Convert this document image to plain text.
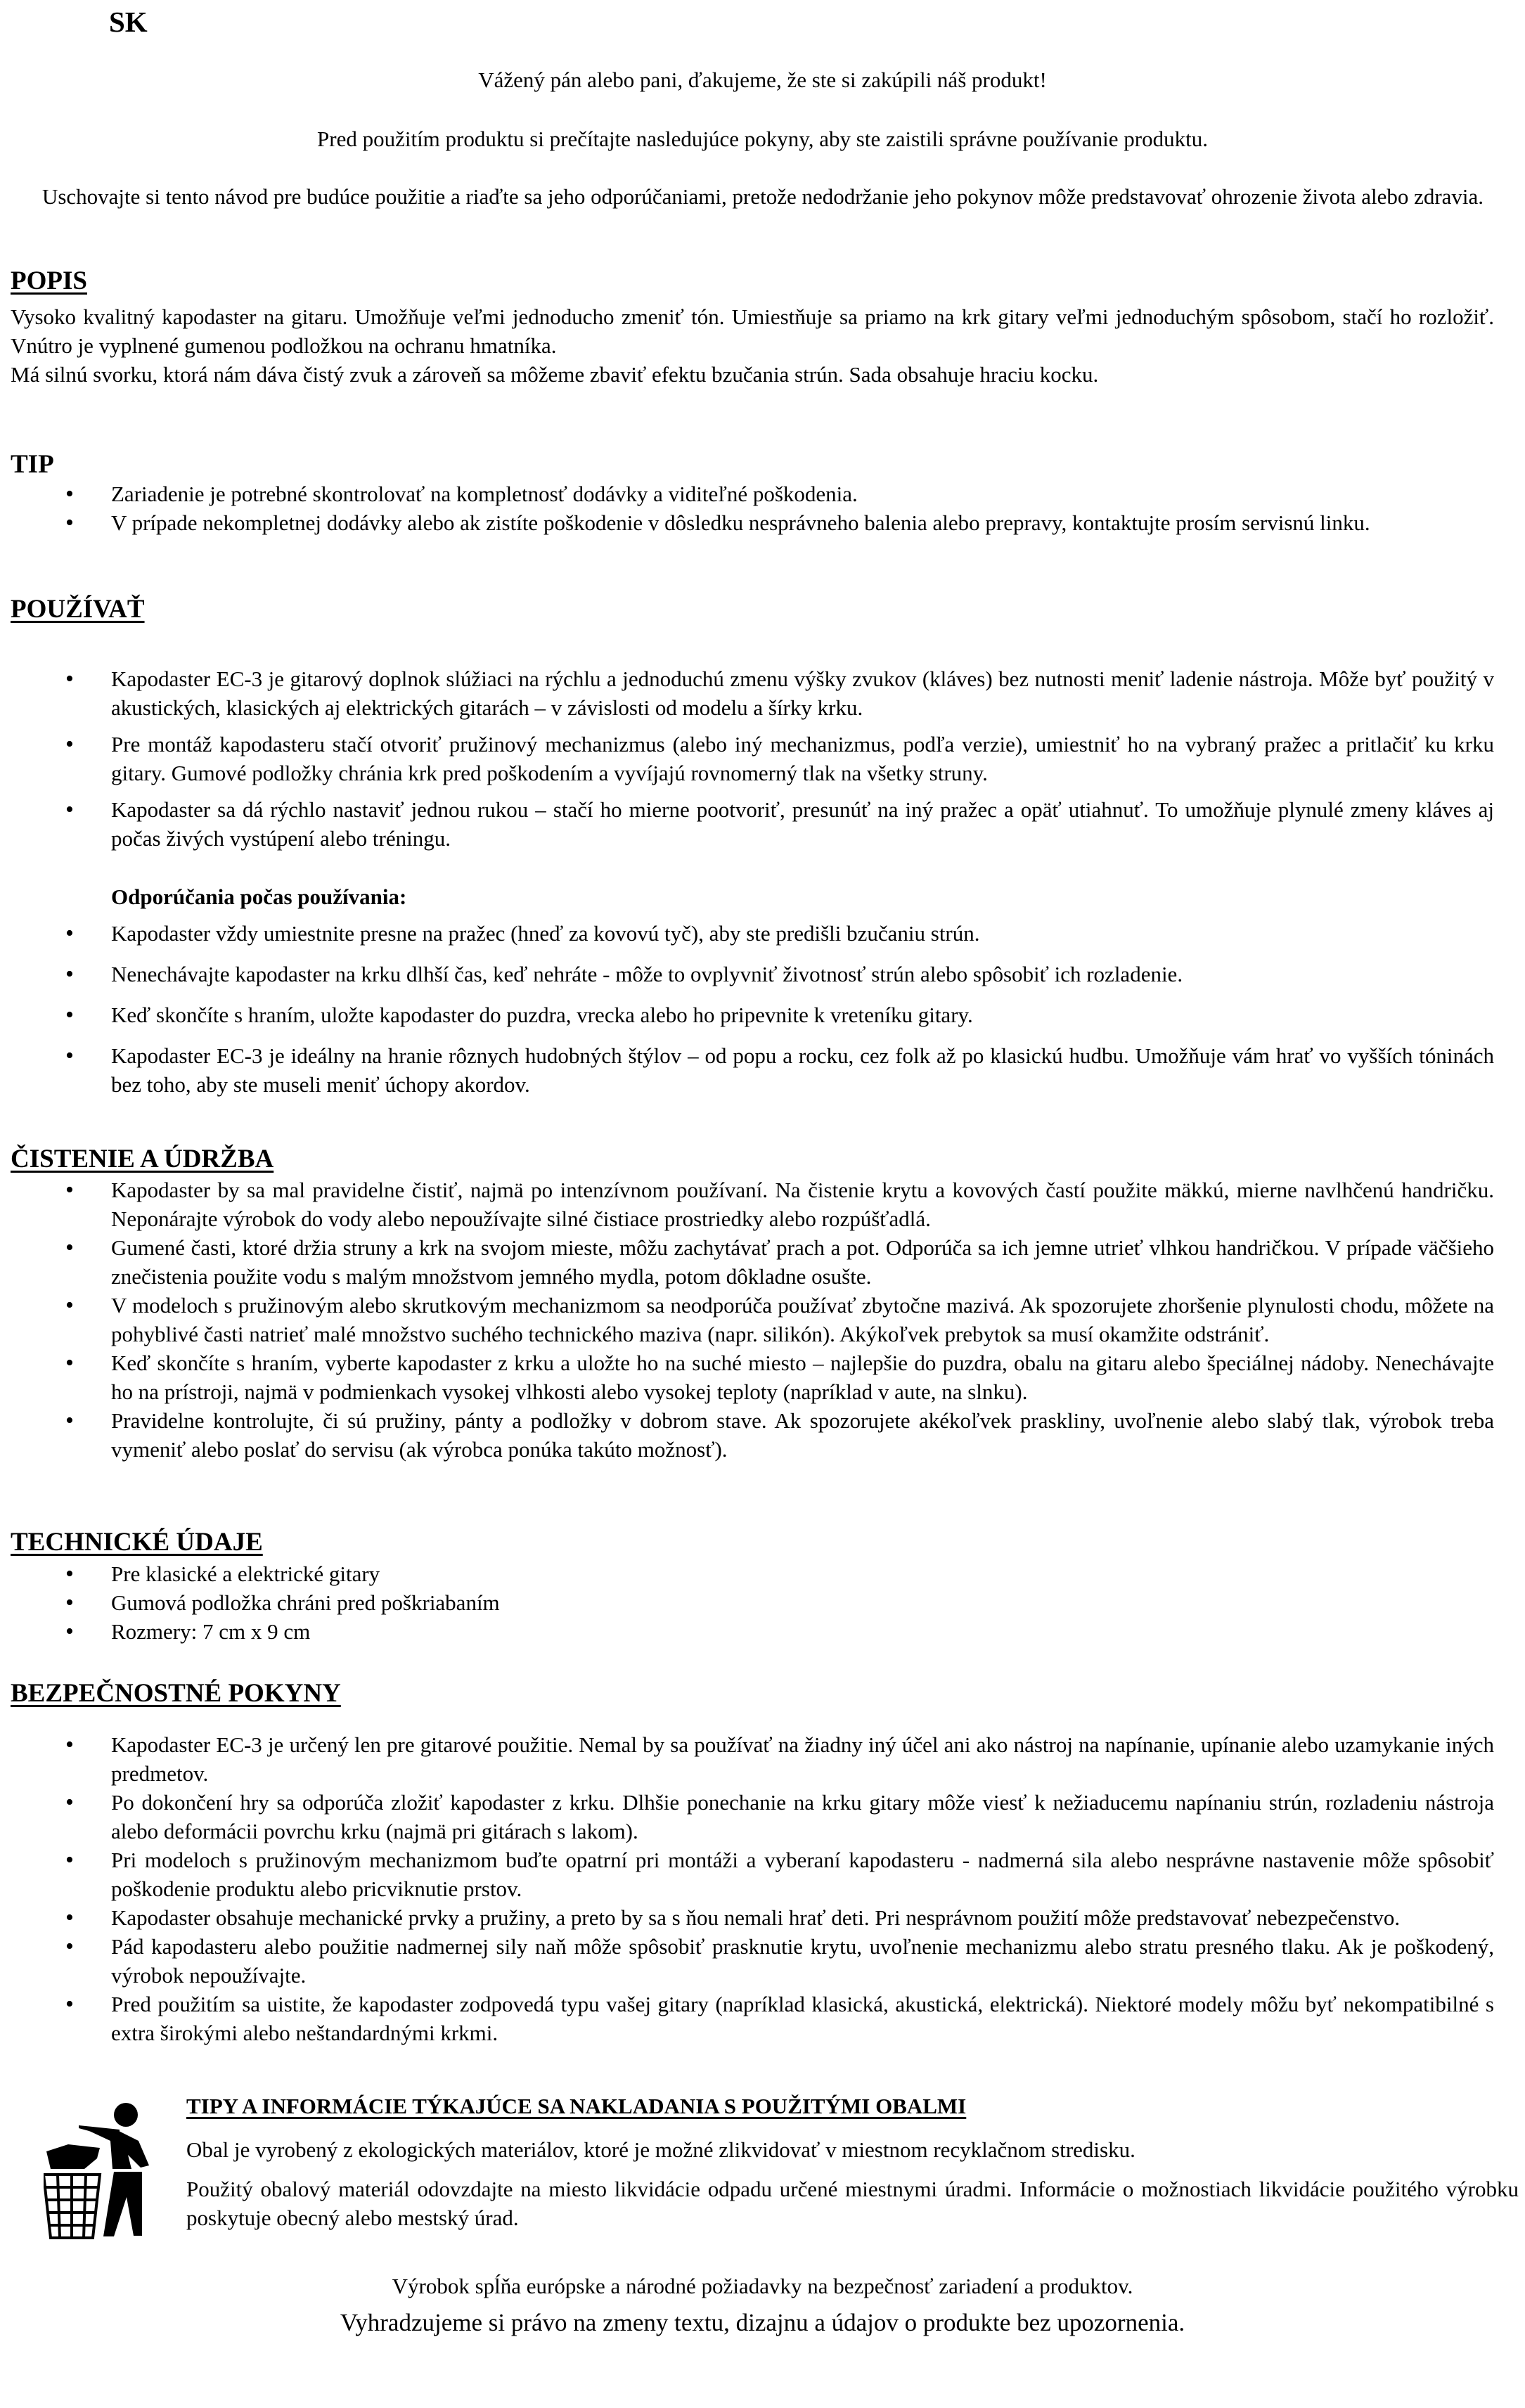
SK
Vážený pán alebo pani, ďakujeme, že ste si zakúpili náš produkt!
Pred použitím produktu si prečítajte nasledujúce pokyny, aby ste zaistili správne používanie produktu.
Uschovajte si tento návod pre budúce použitie a riaďte sa jeho odporúčaniami, pretože nedodržanie jeho pokynov môže predstavovať ohrozenie života alebo zdravia.
POPIS
Vysoko kvalitný kapodaster na gitaru. Umožňuje veľmi jednoducho zmeniť tón. Umiestňuje sa priamo na krk gitary veľmi jednoduchým spôsobom, stačí ho rozložiť. Vnútro je vyplnené gumenou podložkou na ochranu hmatníka.
Má silnú svorku, ktorá nám dáva čistý zvuk a zároveň sa môžeme zbaviť efektu bzučania strún. Sada obsahuje hraciu kocku.
TIP
• Zariadenie je potrebné skontrolovať na kompletnosť dodávky a viditeľné poškodenia.
• V prípade nekompletnej dodávky alebo ak zistíte poškodenie v dôsledku nesprávneho balenia alebo prepravy, kontaktujte prosím servisnú linku.
POUŽÍVAŤ
• Kapodaster EC-3 je gitarový doplnok slúžiaci na rýchlu a jednoduchú zmenu výšky zvukov (kláves) bez nutnosti meniť ladenie nástroja. Môže byť použitý v akustických, klasických aj elektrických gitarách – v závislosti od modelu a šírky krku.
• Pre montáž kapodasteru stačí otvoriť pružinový mechanizmus (alebo iný mechanizmus, podľa verzie), umiestniť ho na vybraný pražec a pritlačiť ku krku gitary. Gumové podložky chránia krk pred poškodením a vyvíjajú rovnomerný tlak na všetky struny.
• Kapodaster sa dá rýchlo nastaviť jednou rukou – stačí ho mierne pootvoriť, presunúť na iný pražec a opäť utiahnuť. To umožňuje plynulé zmeny kláves aj počas živých vystúpení alebo tréningu.
Odporúčania počas používania:
• Kapodaster vždy umiestnite presne na pražec (hneď za kovovú tyč), aby ste predišli bzučaniu strún.
• Nenechávajte kapodaster na krku dlhší čas, keď nehráte - môže to ovplyvniť životnosť strún alebo spôsobiť ich rozladenie.
• Keď skončíte s hraním, uložte kapodaster do puzdra, vrecka alebo ho pripevnite k vreteníku gitary.
• Kapodaster EC-3 je ideálny na hranie rôznych hudobných štýlov – od popu a rocku, cez folk až po klasickú hudbu. Umožňuje vám hrať vo vyšších tóninách bez toho, aby ste museli meniť úchopy akordov.
ČISTENIE A ÚDRŽBA
• Kapodaster by sa mal pravidelne čistiť, najmä po intenzívnom používaní. Na čistenie krytu a kovových častí použite mäkkú, mierne navlhčenú handričku. Neponárajte výrobok do vody alebo nepoužívajte silné čistiace prostriedky alebo rozpúšťadlá.
• Gumené časti, ktoré držia struny a krk na svojom mieste, môžu zachytávať prach a pot. Odporúča sa ich jemne utrieť vlhkou handričkou. V prípade väčšieho znečistenia použite vodu s malým množstvom jemného mydla, potom dôkladne osušte.
• V modeloch s pružinovým alebo skrutkovým mechanizmom sa neodporúča používať zbytočne mazivá. Ak spozorujete zhoršenie plynulosti chodu, môžete na pohyblivé časti natrieť malé množstvo suchého technického maziva (napr. silikón). Akýkoľvek prebytok sa musí okamžite odstrániť.
• Keď skončíte s hraním, vyberte kapodaster z krku a uložte ho na suché miesto – najlepšie do puzdra, obalu na gitaru alebo špeciálnej nádoby. Nenechávajte ho na prístroji, najmä v podmienkach vysokej vlhkosti alebo vysokej teploty (napríklad v aute, na slnku).
• Pravidelne kontrolujte, či sú pružiny, pánty a podložky v dobrom stave. Ak spozorujete akékoľvek praskliny, uvoľnenie alebo slabý tlak, výrobok treba vymeniť alebo poslať do servisu (ak výrobca ponúka takúto možnosť).
TECHNICKÉ ÚDAJE
• Pre klasické a elektrické gitary
• Gumová podložka chráni pred poškriabaním
• Rozmery: 7 cm x 9 cm
BEZPEČNOSTNÉ POKYNY
• Kapodaster EC-3 je určený len pre gitarové použitie. Nemal by sa používať na žiadny iný účel ani ako nástroj na napínanie, upínanie alebo uzamykanie iných predmetov.
• Po dokončení hry sa odporúča zložiť kapodaster z krku. Dlhšie ponechanie na krku gitary môže viesť k nežiaducemu napínaniu strún, rozladeniu nástroja alebo deformácii povrchu krku (najmä pri gitárach s lakom).
• Pri modeloch s pružinovým mechanizmom buďte opatrní pri montáži a vyberaní kapodasteru - nadmerná sila alebo nesprávne nastavenie môže spôsobiť poškodenie produktu alebo pricviknutie prstov.
• Kapodaster obsahuje mechanické prvky a pružiny, a preto by sa s ňou nemali hrať deti. Pri nesprávnom použití môže predstavovať nebezpečenstvo.
• Pád kapodasteru alebo použitie nadmernej sily naň môže spôsobiť prasknutie krytu, uvoľnenie mechanizmu alebo stratu presného tlaku. Ak je poškodený, výrobok nepoužívajte.
• Pred použitím sa uistite, že kapodaster zodpovedá typu vašej gitary (napríklad klasická, akustická, elektrická). Niektoré modely môžu byť nekompatibilné s extra širokými alebo neštandardnými krkmi.
TIPY A INFORMÁCIE TÝKAJÚCE SA NAKLADANIA S POUŽITÝMI OBALMI
Obal je vyrobený z ekologických materiálov, ktoré je možné zlikvidovať v miestnom recyklačnom stredisku.
Použitý obalový materiál odovzdajte na miesto likvidácie odpadu určené miestnymi úradmi. Informácie o možnostiach likvidácie použitého výrobku poskytuje obecný alebo mestský úrad.
Výrobok spĺňa európske a národné požiadavky na bezpečnosť zariadení a produktov.
Vyhradzujeme si právo na zmeny textu, dizajnu a údajov o produkte bez upozornenia.
